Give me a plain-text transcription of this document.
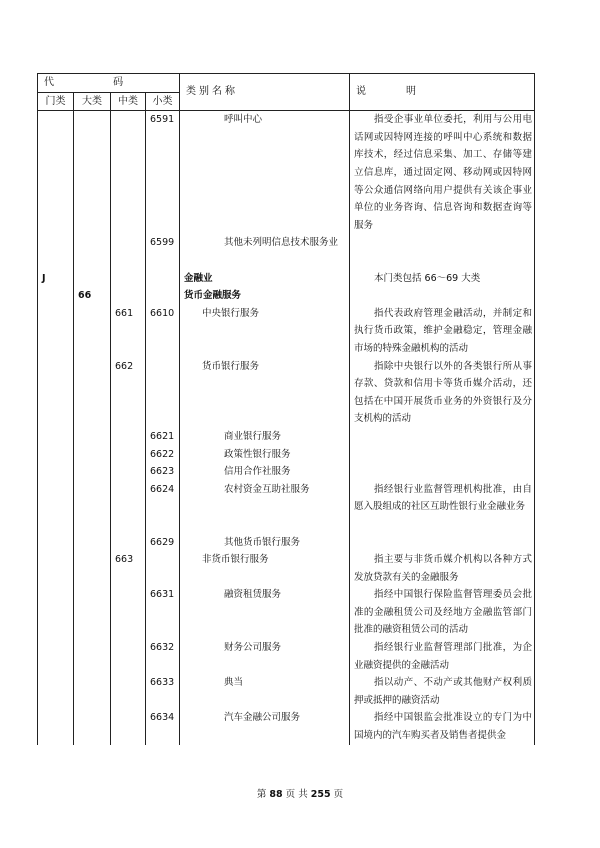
代 码				类别名称	说 明
门类	大类	中类	小类		
			6591	呼叫中心	指受企事业单位委托，利用与公用电话网或因特网连接的呼叫中心系统和数据库技术，经过信息采集、加工、存储等建立信息库，通过固定网、移动网或因特网等公众通信网络向用户提供有关该企事业单位的业务咨询、信息咨询和数据查询等服务
			6599	其他未列明信息技术服务业	
J				金融业	本门类包括 66～69 大类
	66			货币金融服务	
		661	6610	中央银行服务	指代表政府管理金融活动，并制定和执行货币政策，维护金融稳定，管理金融市场的特殊金融机构的活动
		662		货币银行服务	指除中央银行以外的各类银行所从事存款、贷款和信用卡等货币媒介活动，还包括在中国开展货币业务的外资银行及分支机构的活动
			6621	商业银行服务	
			6622	政策性银行服务	
			6623	信用合作社服务	
			6624	农村资金互助社服务	指经银行业监督管理机构批准，由自愿入股组成的社区互助性银行业金融业务
			6629	其他货币银行服务	
		663		非货币银行服务	指主要与非货币媒介机构以各种方式发放贷款有关的金融服务
			6631	融资租赁服务	指经中国银行保险监督管理委员会批准的金融租赁公司及经地方金融监管部门批准的融资租赁公司的活动
			6632	财务公司服务	指经银行业监督管理部门批准，为企业融资提供的金融活动
			6633	典当	指以动产、不动产或其他财产权利质押或抵押的融资活动
			6634	汽车金融公司服务	指经中国银监会批准设立的专门为中国境内的汽车购买者及销售者提供金
第 88 页 共 255 页
